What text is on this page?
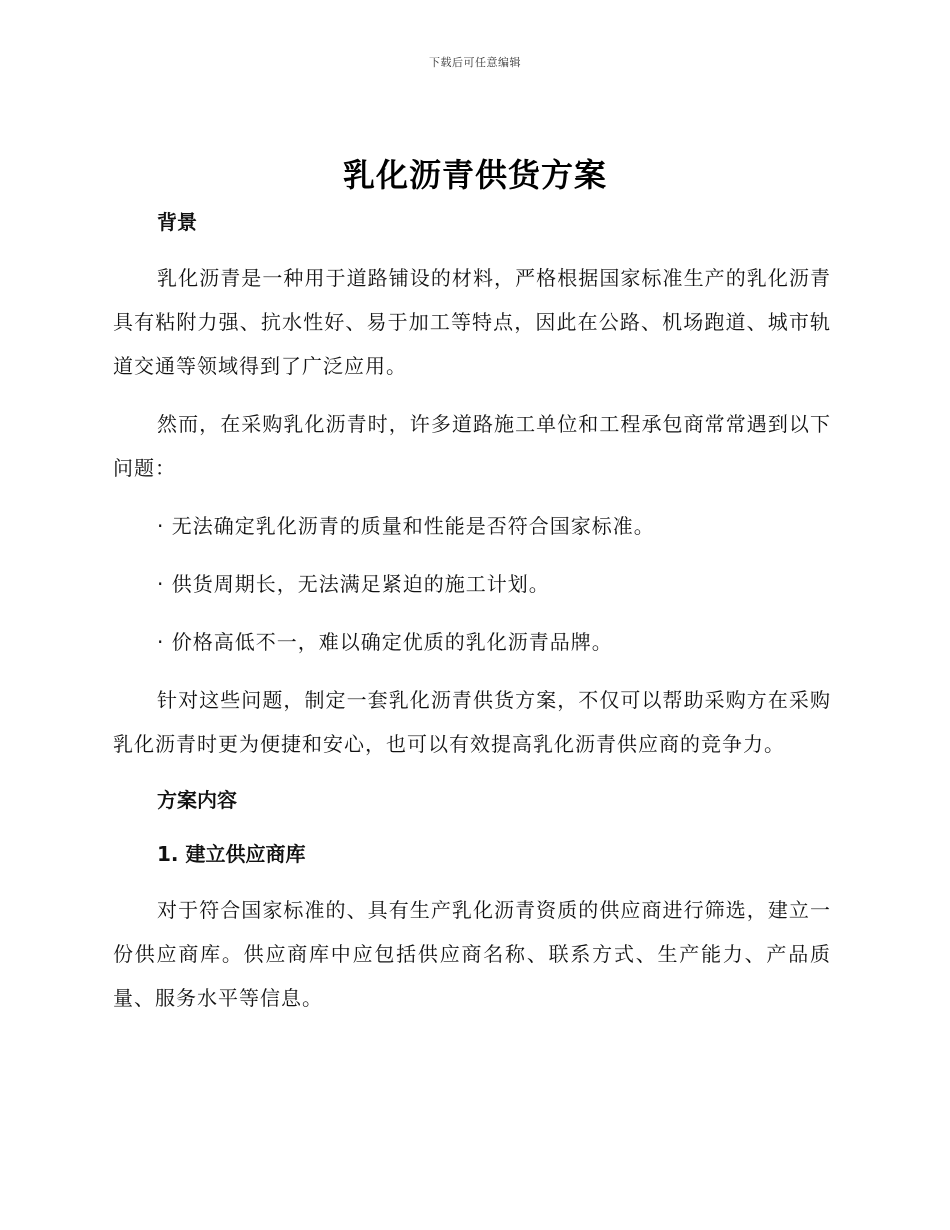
下载后可任意编辑
乳化沥青供货方案
背景

乳化沥青是一种用于道路铺设的材料，严格根据国家标准生产的乳化沥青具有粘附力强、抗水性好、易于加工等特点，因此在公路、机场跑道、城市轨道交通等领域得到了广泛应用。

然而，在采购乳化沥青时，许多道路施工单位和工程承包商常常遇到以下问题：

· 无法确定乳化沥青的质量和性能是否符合国家标准。

· 供货周期长，无法满足紧迫的施工计划。

· 价格高低不一，难以确定优质的乳化沥青品牌。

针对这些问题，制定一套乳化沥青供货方案，不仅可以帮助采购方在采购乳化沥青时更为便捷和安心，也可以有效提高乳化沥青供应商的竞争力。

方案内容
1. 建立供应商库

对于符合国家标准的、具有生产乳化沥青资质的供应商进行筛选，建立一份供应商库。供应商库中应包括供应商名称、联系方式、生产能力、产品质量、服务水平等信息。
